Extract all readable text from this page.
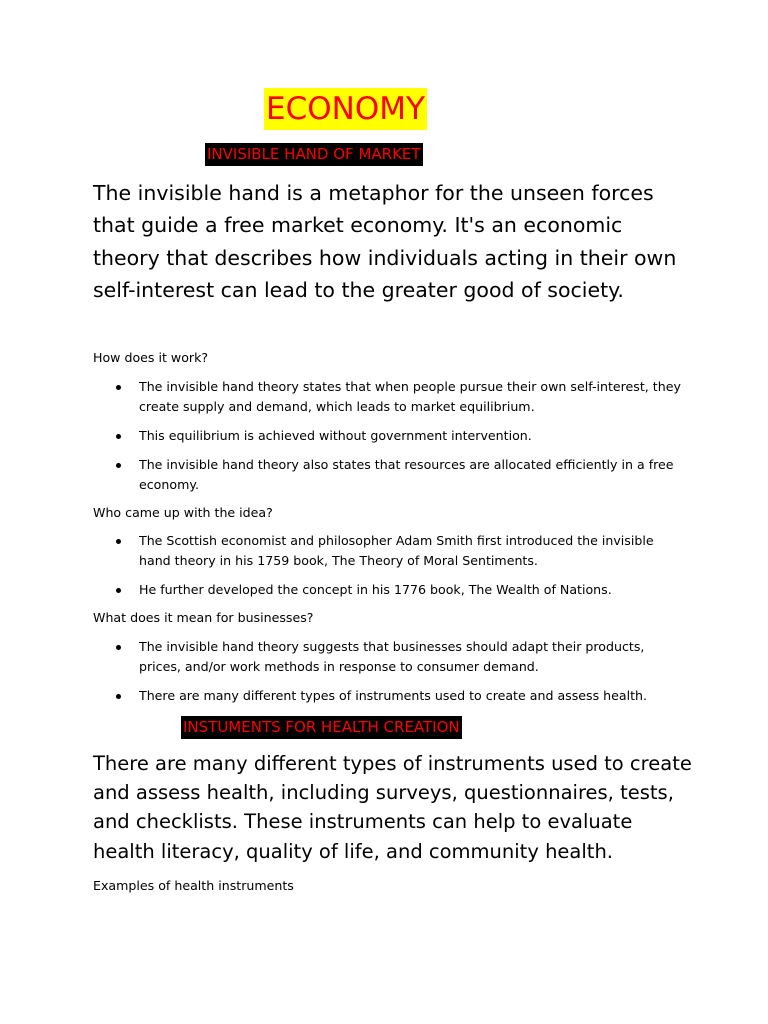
ECONOMY
INVISIBLE HAND OF MARKET

The invisible hand is a metaphor for the unseen forces that guide a free market economy. It's an economic theory that describes how individuals acting in their own self-interest can lead to the greater good of society.

How does it work?

The invisible hand theory states that when people pursue their own self-interest, they create supply and demand, which leads to market equilibrium.
This equilibrium is achieved without government intervention.
The invisible hand theory also states that resources are allocated efficiently in a free economy.

Who came up with the idea?

The Scottish economist and philosopher Adam Smith first introduced the invisible hand theory in his 1759 book, The Theory of Moral Sentiments.
He further developed the concept in his 1776 book, The Wealth of Nations.

What does it mean for businesses?

The invisible hand theory suggests that businesses should adapt their products, prices, and/or work methods in response to consumer demand.
There are many different types of instruments used to create and assess health.
INSTUMENTS FOR HEALTH CREATION

There are many different types of instruments used to create and assess health, including surveys, questionnaires, tests, and checklists. These instruments can help to evaluate health literacy, quality of life, and community health.

Examples of health instruments
